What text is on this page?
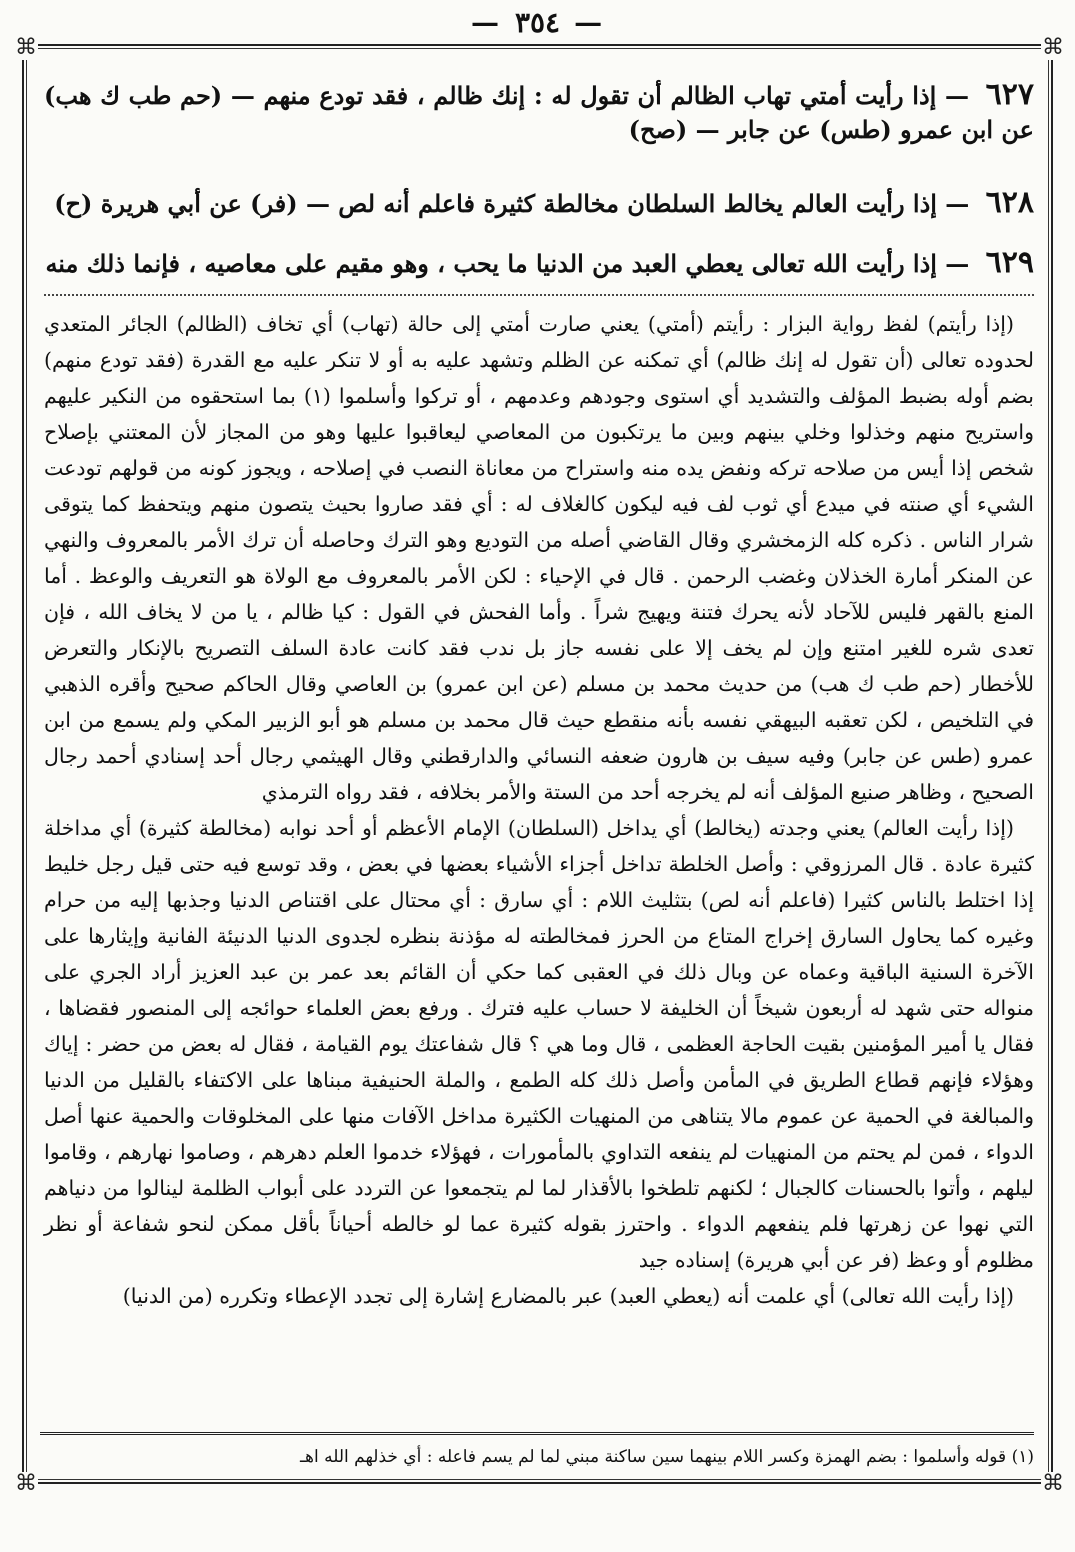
⌘	⌘
⌘	⌘
— ٣٥٤ —
٦٢٧ — إذا رأيت أمتي تهاب الظالم أن تقول له : إنك ظالم ، فقد تودع منهم — (حم طب ك هب) عن ابن عمرو (طس) عن جابر — (صح)
٦٢٨ — إذا رأيت العالم يخالط السلطان مخالطة كثيرة فاعلم أنه لص — (فر) عن أبي هريرة (ح)
٦٢٩ — إذا رأيت الله تعالى يعطي العبد من الدنيا ما يحب ، وهو مقيم على معاصيه ، فإنما ذلك منه

(إذا رأيتم) لفظ رواية البزار : رأيتم (أمتي) يعني صارت أمتي إلى حالة (تهاب) أي تخاف (الظالم) الجائر المتعدي لحدوده تعالى (أن تقول له إنك ظالم) أي تمكنه عن الظلم وتشهد عليه به أو لا تنكر عليه مع القدرة (فقد تودع منهم) بضم أوله بضبط المؤلف والتشديد أي استوى وجودهم وعدمهم ، أو تركوا وأسلموا (١) بما استحقوه من النكير عليهم واستريح منهم وخذلوا وخلي بينهم وبين ما يرتكبون من المعاصي ليعاقبوا عليها وهو من المجاز لأن المعتني بإصلاح شخص إذا أيس من صلاحه تركه ونفض يده منه واستراح من معاناة النصب في إصلاحه ، ويجوز كونه من قولهم تودعت الشيء أي صنته في ميدع أي ثوب لف فيه ليكون كالغلاف له : أي فقد صاروا بحيث يتصون منهم ويتحفظ كما يتوقى شرار الناس . ذكره كله الزمخشري وقال القاضي أصله من التوديع وهو الترك وحاصله أن ترك الأمر بالمعروف والنهي عن المنكر أمارة الخذلان وغضب الرحمن . قال في الإحياء : لكن الأمر بالمعروف مع الولاة هو التعريف والوعظ . أما المنع بالقهر فليس للآحاد لأنه يحرك فتنة ويهيج شراً . وأما الفحش في القول : كيا ظالم ، يا من لا يخاف الله ، فإن تعدى شره للغير امتنع وإن لم يخف إلا على نفسه جاز بل ندب فقد كانت عادة السلف التصريح بالإنكار والتعرض للأخطار (حم طب ك هب) من حديث محمد بن مسلم (عن ابن عمرو) بن العاصي وقال الحاكم صحيح وأقره الذهبي في التلخيص ، لكن تعقبه البيهقي نفسه بأنه منقطع حيث قال محمد بن مسلم هو أبو الزبير المكي ولم يسمع من ابن عمرو (طس عن جابر) وفيه سيف بن هارون ضعفه النسائي والدارقطني وقال الهيثمي رجال أحد إسنادي أحمد رجال الصحيح ، وظاهر صنيع المؤلف أنه لم يخرجه أحد من الستة والأمر بخلافه ، فقد رواه الترمذي

(إذا رأيت العالم) يعني وجدته (يخالط) أي يداخل (السلطان) الإمام الأعظم أو أحد نوابه (مخالطة كثيرة) أي مداخلة كثيرة عادة . قال المرزوقي : وأصل الخلطة تداخل أجزاء الأشياء بعضها في بعض ، وقد توسع فيه حتى قيل رجل خليط إذا اختلط بالناس كثيرا (فاعلم أنه لص) بتثليث اللام : أي سارق : أي محتال على اقتناص الدنيا وجذبها إليه من حرام وغيره كما يحاول السارق إخراج المتاع من الحرز فمخالطته له مؤذنة بنظره لجدوى الدنيا الدنيئة الفانية وإيثارها على الآخرة السنية الباقية وعماه عن وبال ذلك في العقبى كما حكي أن القائم بعد عمر بن عبد العزيز أراد الجري على منواله حتى شهد له أربعون شيخاً أن الخليفة لا حساب عليه فترك . ورفع بعض العلماء حوائجه إلى المنصور فقضاها ، فقال يا أمير المؤمنين بقيت الحاجة العظمى ، قال وما هي ؟ قال شفاعتك يوم القيامة ، فقال له بعض من حضر : إياك وهؤلاء فإنهم قطاع الطريق في المأمن وأصل ذلك كله الطمع ، والملة الحنيفية مبناها على الاكتفاء بالقليل من الدنيا والمبالغة في الحمية عن عموم مالا يتناهى من المنهيات الكثيرة مداخل الآفات منها على المخلوقات والحمية عنها أصل الدواء ، فمن لم يحتم من المنهيات لم ينفعه التداوي بالمأمورات ، فهؤلاء خدموا العلم دهرهم ، وصاموا نهارهم ، وقاموا ليلهم ، وأتوا بالحسنات كالجبال ؛ لكنهم تلطخوا بالأقذار لما لم يتجمعوا عن التردد على أبواب الظلمة لينالوا من دنياهم التي نهوا عن زهرتها فلم ينفعهم الدواء . واحترز بقوله كثيرة عما لو خالطه أحياناً بأقل ممكن لنحو شفاعة أو نظر مظلوم أو وعظ (فر عن أبي هريرة) إسناده جيد

(إذا رأيت الله تعالى) أي علمت أنه (يعطي العبد) عبر بالمضارع إشارة إلى تجدد الإعطاء وتكرره (من الدنيا)

(١) قوله وأسلموا : بضم الهمزة وكسر اللام بينهما سين ساكنة مبني لما لم يسم فاعله : أي خذلهم الله اهـ
